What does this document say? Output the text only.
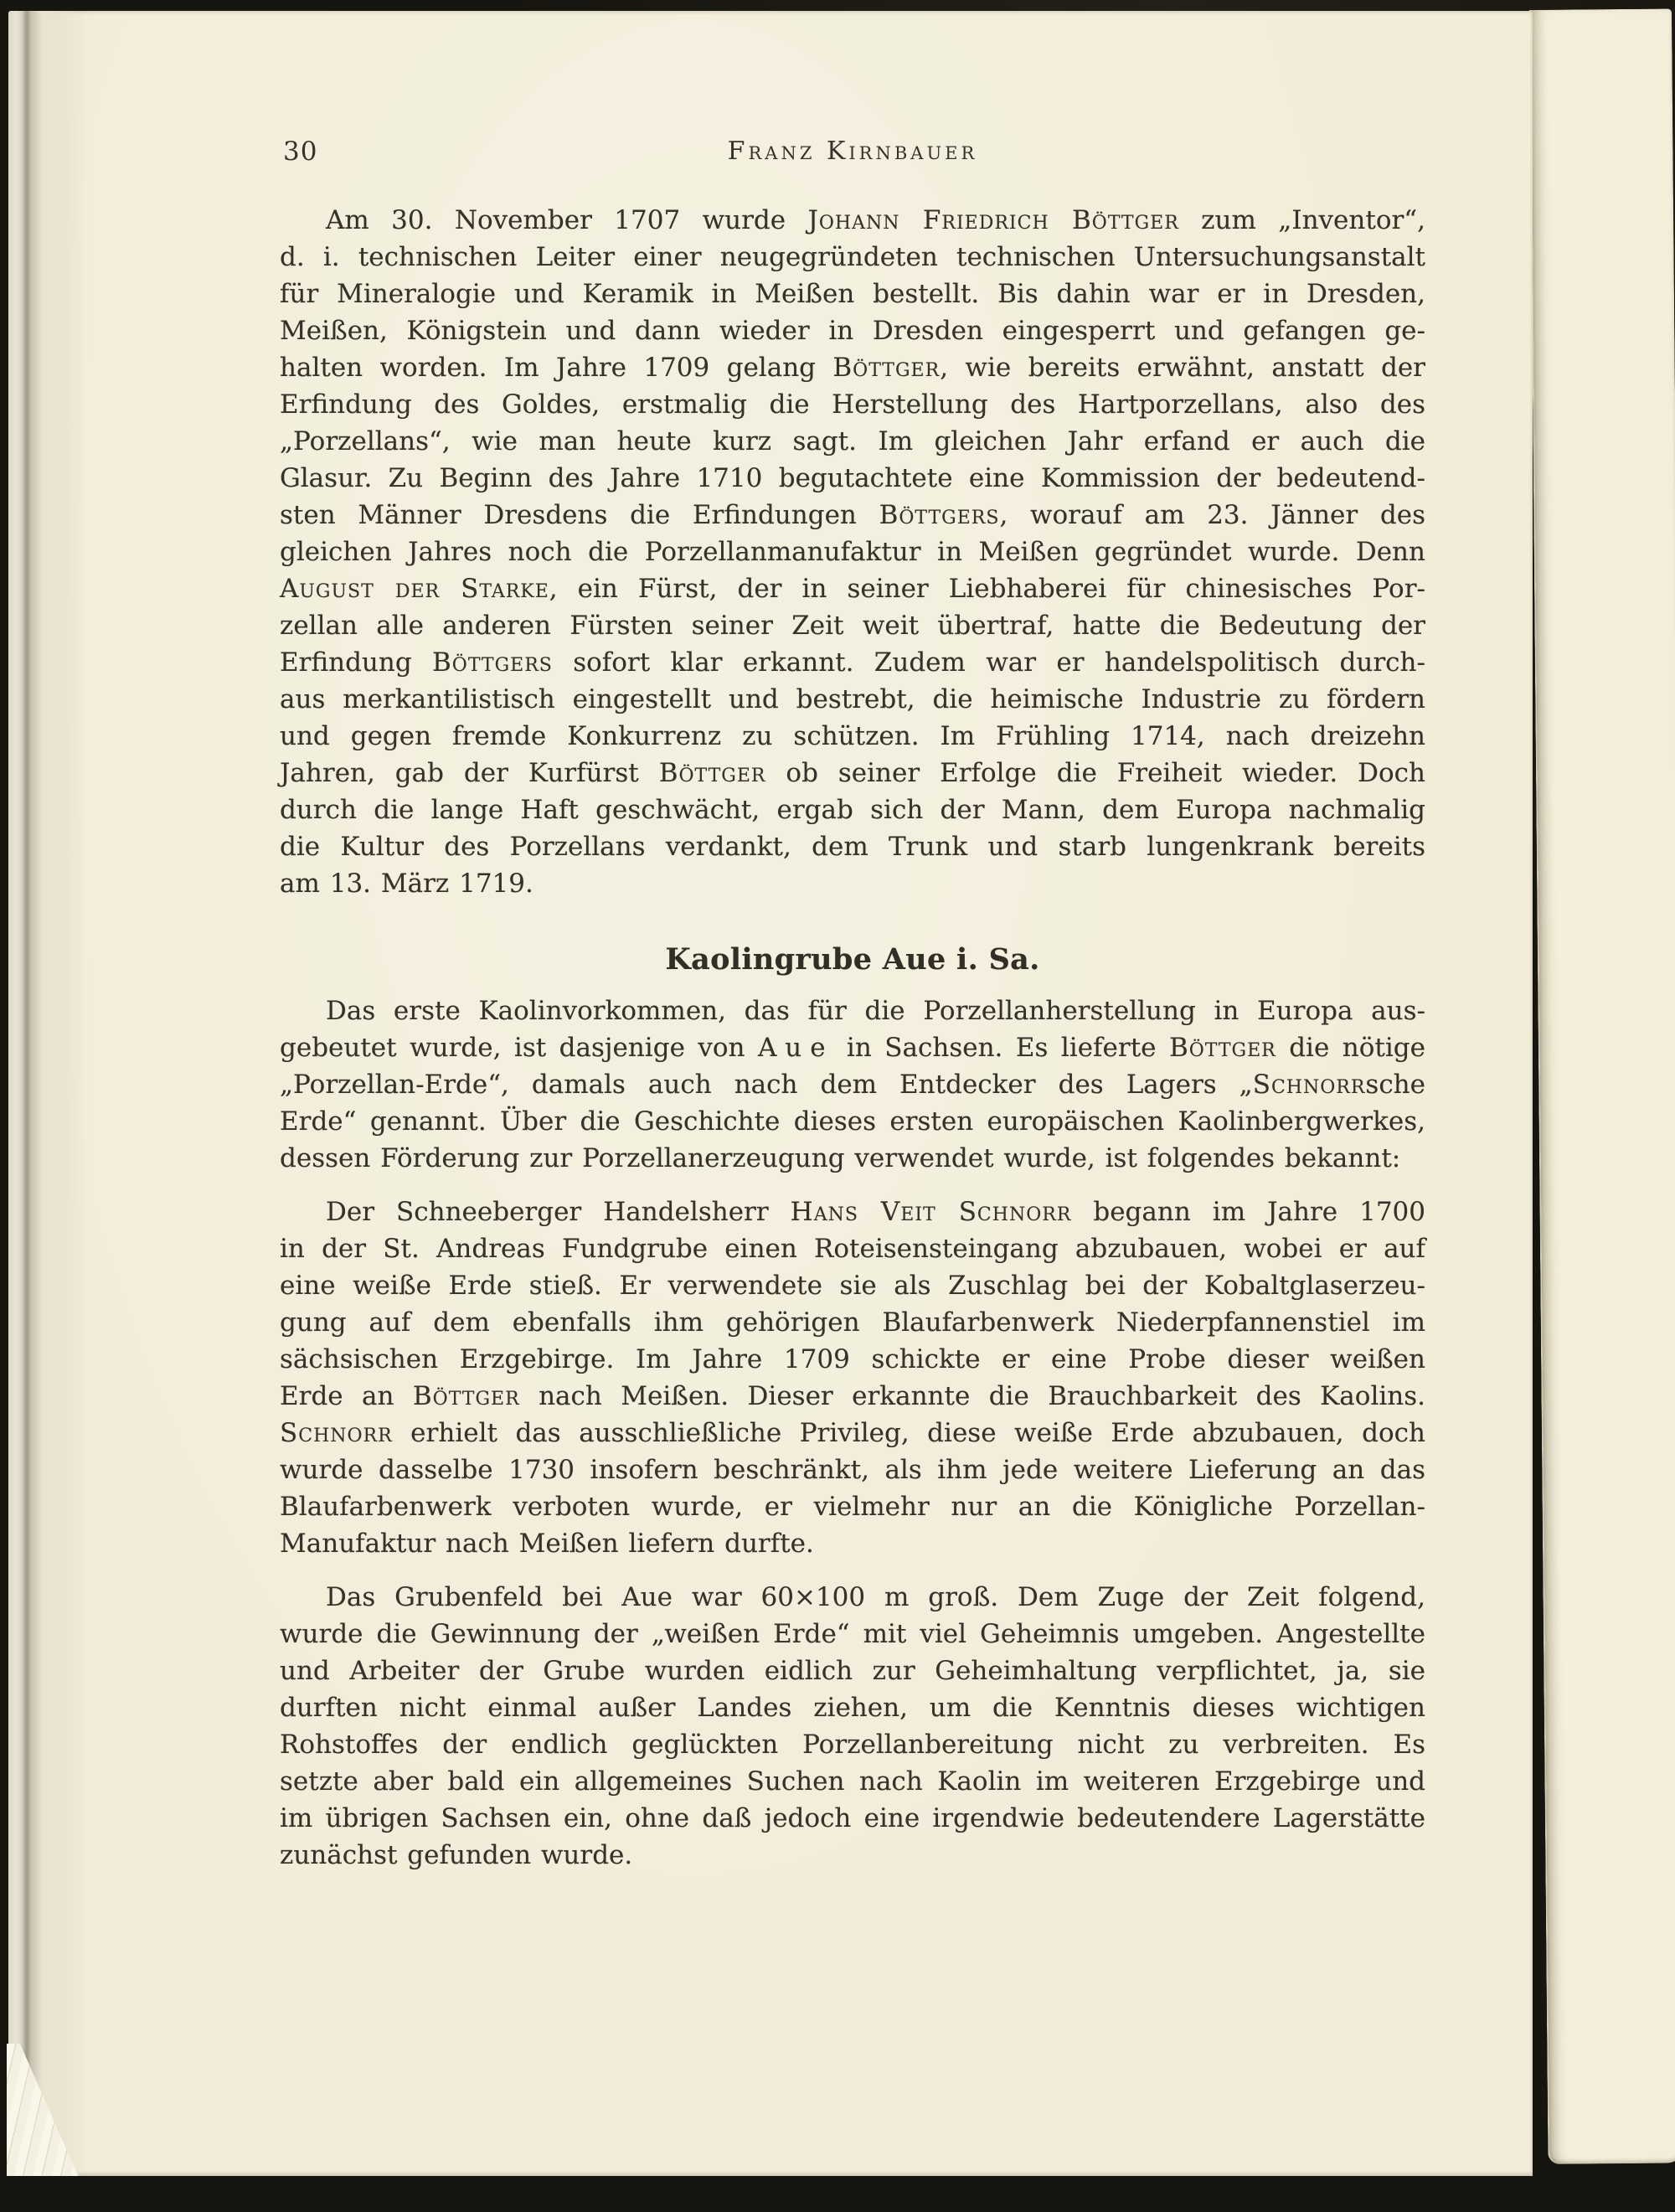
30	Franz Kirnbauer
Am 30. November 1707 wurde Johann Friedrich Böttger zum „Inventor“,
d. i. technischen Leiter einer neugegründeten technischen Untersuchungsanstalt
für Mineralogie und Keramik in Meißen bestellt. Bis dahin war er in Dresden,
Meißen, Königstein und dann wieder in Dresden eingesperrt und gefangen ge-
halten worden. Im Jahre 1709 gelang Böttger, wie bereits erwähnt, anstatt der
Erfindung des Goldes, erstmalig die Herstellung des Hartporzellans, also des
„Porzellans“, wie man heute kurz sagt. Im gleichen Jahr erfand er auch die
Glasur. Zu Beginn des Jahre 1710 begutachtete eine Kommission der bedeutend-
sten Männer Dresdens die Erfindungen Böttgers, worauf am 23. Jänner des
gleichen Jahres noch die Porzellanmanufaktur in Meißen gegründet wurde. Denn
August der Starke, ein Fürst, der in seiner Liebhaberei für chinesisches Por-
zellan alle anderen Fürsten seiner Zeit weit übertraf, hatte die Bedeutung der
Erfindung Böttgers sofort klar erkannt. Zudem war er handelspolitisch durch-
aus merkantilistisch eingestellt und bestrebt, die heimische Industrie zu fördern
und gegen fremde Konkurrenz zu schützen. Im Frühling 1714, nach dreizehn
Jahren, gab der Kurfürst Böttger ob seiner Erfolge die Freiheit wieder. Doch
durch die lange Haft geschwächt, ergab sich der Mann, dem Europa nachmalig
die Kultur des Porzellans verdankt, dem Trunk und starb lungenkrank bereits
am 13. März 1719.
Kaolingrube Aue i. Sa.
Das erste Kaolinvorkommen, das für die Porzellanherstellung in Europa aus-
gebeutet wurde, ist dasjenige von Aue in Sachsen. Es lieferte Böttger die nötige
„Porzellan-Erde“, damals auch nach dem Entdecker des Lagers „Schnorrsche
Erde“ genannt. Über die Geschichte dieses ersten europäischen Kaolinbergwerkes,
dessen Förderung zur Porzellanerzeugung verwendet wurde, ist folgendes bekannt:
Der Schneeberger Handelsherr Hans Veit Schnorr begann im Jahre 1700
in der St. Andreas Fundgrube einen Roteisensteingang abzubauen, wobei er auf
eine weiße Erde stieß. Er verwendete sie als Zuschlag bei der Kobaltglaserzeu-
gung auf dem ebenfalls ihm gehörigen Blaufarbenwerk Niederpfannenstiel im
sächsischen Erzgebirge. Im Jahre 1709 schickte er eine Probe dieser weißen
Erde an Böttger nach Meißen. Dieser erkannte die Brauchbarkeit des Kaolins.
Schnorr erhielt das ausschließliche Privileg, diese weiße Erde abzubauen, doch
wurde dasselbe 1730 insofern beschränkt, als ihm jede weitere Lieferung an das
Blaufarbenwerk verboten wurde, er vielmehr nur an die Königliche Porzellan-
Manufaktur nach Meißen liefern durfte.
Das Grubenfeld bei Aue war 60×100 m groß. Dem Zuge der Zeit folgend,
wurde die Gewinnung der „weißen Erde“ mit viel Geheimnis umgeben. Angestellte
und Arbeiter der Grube wurden eidlich zur Geheimhaltung verpflichtet, ja, sie
durften nicht einmal außer Landes ziehen, um die Kenntnis dieses wichtigen
Rohstoffes der endlich geglückten Porzellanbereitung nicht zu verbreiten. Es
setzte aber bald ein allgemeines Suchen nach Kaolin im weiteren Erzgebirge und
im übrigen Sachsen ein, ohne daß jedoch eine irgendwie bedeutendere Lagerstätte
zunächst gefunden wurde.
